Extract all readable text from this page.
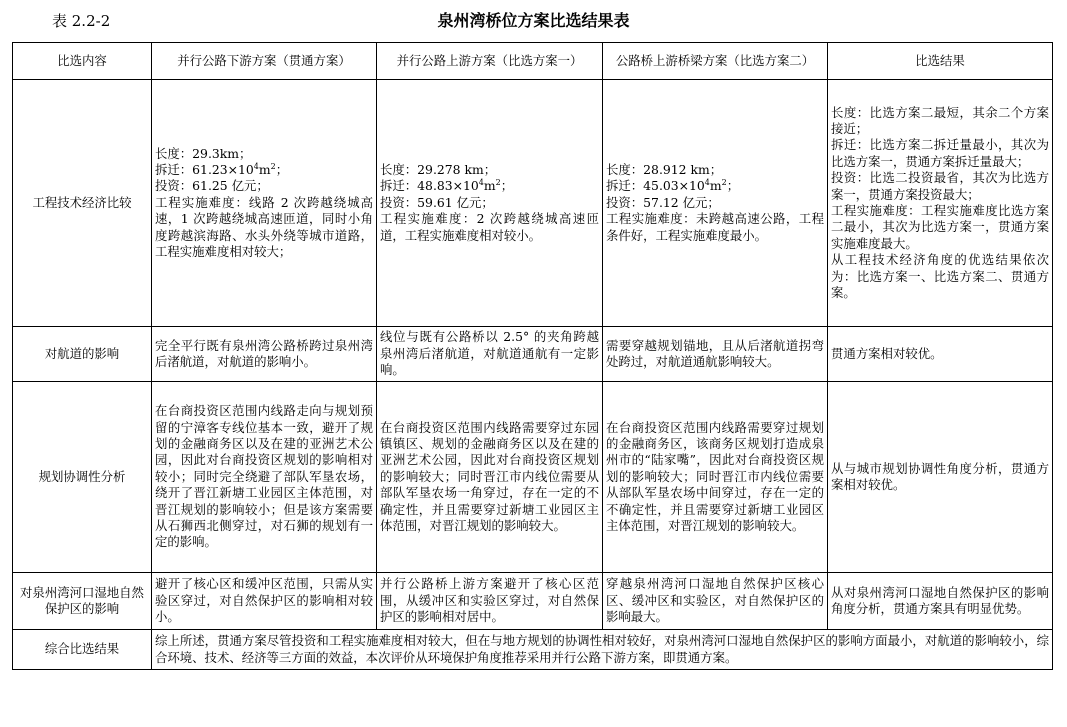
表 2.2-2	泉州湾桥位方案比选结果表
比选内容	并行公路下游方案（贯通方案）	并行公路上游方案（比选方案一）	公路桥上游桥梁方案（比选方案二）	比选结果
工程技术经济比较	长度：29.3km；
拆迁：$61.23\times 10^4m^2$；
投资：61.25 亿元；
工程实施难度：线路 2 次跨越绕城高速，1 次跨越绕城高速匝道，同时小角度跨越滨海路、水头外绕等城市道路，工程实施难度相对较大；	长度：29.278 km；
拆迁：$48.83\times 10^4m^2$；
投资：59.61 亿元；
工程实施难度：2 次跨越绕城高速匝道，工程实施难度相对较小。	长度：28.912 km；
拆迁：$45.03\times 10^4m^2$；
投资：57.12 亿元；
工程实施难度：未跨越高速公路，工程条件好，工程实施难度最小。	长度：比选方案二最短，其余二个方案接近；
拆迁：比选方案二拆迁量最小，其次为比选方案一，贯通方案拆迁量最大；
投资：比选二投资最省，其次为比选方案一，贯通方案投资最大；
工程实施难度：工程实施难度比选方案二最小，其次为比选方案一，贯通方案实施难度最大。
从工程技术经济角度的优选结果依次为：比选方案一、比选方案二、贯通方案。

对航道的影响	完全平行既有泉州湾公路桥跨过泉州湾后渚航道，对航道的影响小。	线位与既有公路桥以 2.5° 的夹角跨越泉州湾后渚航道，对航道通航有一定影响。	需要穿越规划锚地，且从后渚航道拐弯处跨过，对航道通航影响较大。	贯通方案相对较优。
规划协调性分析	在台商投资区范围内线路走向与规划预留的宁漳客专线位基本一致，避开了规划的金融商务区以及在建的亚洲艺术公园，因此对台商投资区规划的影响相对较小；同时完全绕避了部队军垦农场，绕开了晋江新塘工业园区主体范围，对晋江规划的影响较小；但是该方案需要从石狮西北侧穿过，对石狮的规划有一定的影响。	在台商投资区范围内线路需要穿过东园镇镇区、规划的金融商务区以及在建的亚洲艺术公园，因此对台商投资区规划的影响较大；同时晋江市内线位需要从部队军垦农场一角穿过，存在一定的不确定性，并且需要穿过新塘工业园区主体范围，对晋江规划的影响较大。	在台商投资区范围内线路需要穿过规划的金融商务区，该商务区规划打造成泉州市的“陆家嘴”，因此对台商投资区规划的影响较大；同时晋江市内线位需要从部队军垦农场中间穿过，存在一定的不确定性，并且需要穿过新塘工业园区主体范围，对晋江规划的影响较大。	从与城市规划协调性角度分析，贯通方案相对较优。
对泉州湾河口湿地自然保护区的影响	避开了核心区和缓冲区范围，只需从实验区穿过，对自然保护区的影响相对较小。	并行公路桥上游方案避开了核心区范围，从缓冲区和实验区穿过，对自然保护区的影响相对居中。	穿越泉州湾河口湿地自然保护区核心区、缓冲区和实验区，对自然保护区的影响最大。	从对泉州湾河口湿地自然保护区的影响角度分析，贯通方案具有明显优势。
综合比选结果	综上所述，贯通方案尽管投资和工程实施难度相对较大，但在与地方规划的协调性相对较好，对泉州湾河口湿地自然保护区的影响方面最小，对航道的影响较小，综合环境、技术、经济等三方面的效益，本次评价从环境保护角度推荐采用并行公路下游方案，即贯通方案。			
